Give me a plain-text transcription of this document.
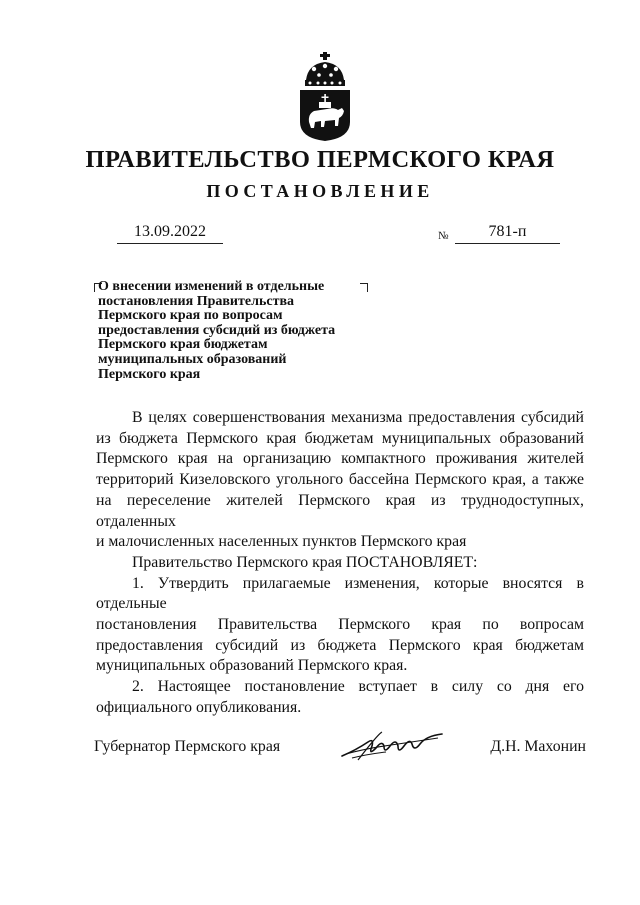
ПРАВИТЕЛЬСТВО ПЕРМСКОГО КРАЯ
ПОСТАНОВЛЕНИЕ
13.09.2022	№	781-п
О внесении изменений в отдельные
постановления Правительства
Пермского края по вопросам
предоставления субсидий из бюджета
Пермского края бюджетам
муниципальных образований
Пермского края
В целях совершенствования механизма предоставления субсидий
из бюджета Пермского края бюджетам муниципальных образований
Пермского края на организацию компактного проживания жителей
территорий Кизеловского угольного бассейна Пермского края, а также
на переселение жителей Пермского края из труднодоступных, отдаленных
и малочисленных населенных пунктов Пермского края
Правительство Пермского края ПОСТАНОВЛЯЕТ:
1. Утвердить прилагаемые изменения, которые вносятся в отдельные
постановления Правительства Пермского края по вопросам
предоставления субсидий из бюджета Пермского края бюджетам
муниципальных образований Пермского края.
2. Настоящее постановление вступает в силу со дня его
официального опубликования.
Губернатор Пермского края	Д.Н. Махонин
